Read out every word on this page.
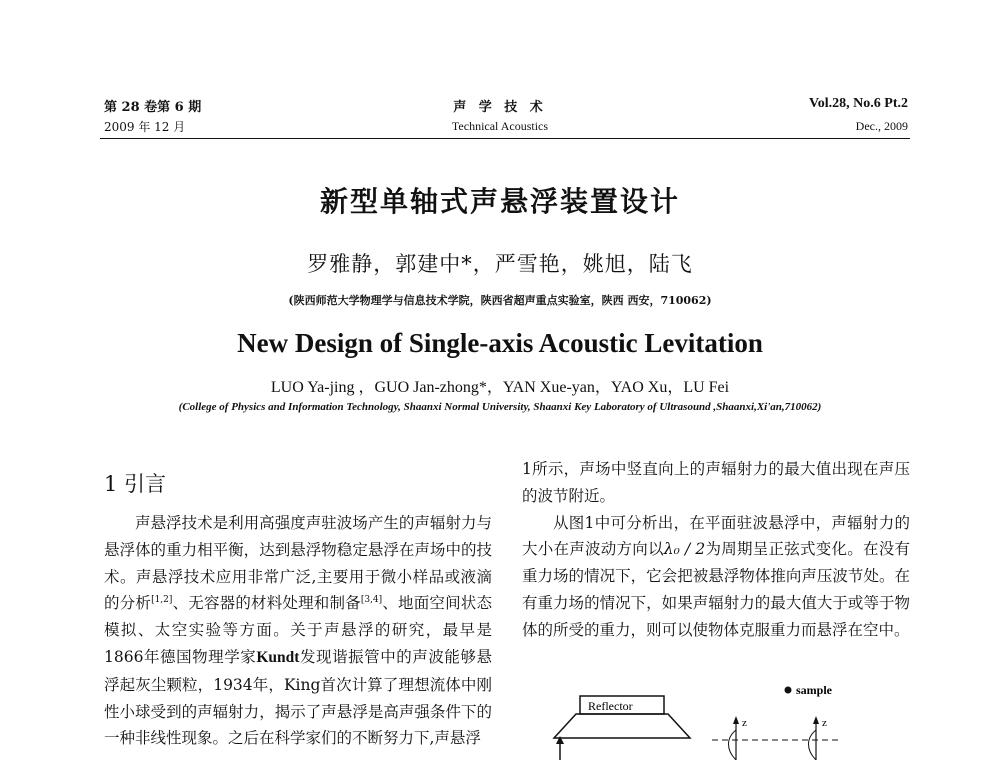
第 28 卷第 6 期
2009 年 12 月
声 学 技 术
Technical Acoustics
Vol.28, No.6 Pt.2
Dec., 2009
新型单轴式声悬浮装置设计
罗雅静，郭建中*，严雪艳，姚旭，陆飞
(陕西师范大学物理学与信息技术学院，陕西省超声重点实验室，陕西 西安，710062)
New Design of Single-axis Acoustic Levitation
LUO Ya-jing ，GUO Jan-zhong*，YAN Xue-yan，YAO Xu，LU Fei
(College of Physics and Information Technology, Shaanxi Normal University, Shaanxi Key Laboratory of Ultrasound ,Shaanxi,Xi'an,710062)
1 引言

声悬浮技术是利用高强度声驻波场产生的声辐射力与悬浮体的重力相平衡，达到悬浮物稳定悬浮在声场中的技术。声悬浮技术应用非常广泛,主要用于微小样品或液滴的分析[1,2]、无容器的材料处理和制备[3,4]、地面空间状态模拟、太空实验等方面。关于声悬浮的研究，最早是1866年德国物理学家Kundt发现谐振管中的声波能够悬浮起灰尘颗粒，1934年，King首次计算了理想流体中刚性小球受到的声辐射力，揭示了声悬浮是高声强条件下的一种非线性现象。之后在科学家们的不断努力下,声悬浮

1所示，声场中竖直向上的声辐射力的最大值出现在声压的波节附近。

从图1中可分析出，在平面驻波悬浮中，声辐射力的大小在声波动方向以λ₀ / 2为周期呈正弦式变化。在没有重力场的情况下，它会把被悬浮物体推向声压波节处。在有重力场的情况下，如果声辐射力的最大值大于或等于物体的所受的重力，则可以使物体克服重力而悬浮在空中。

sample
Reflector
z	z
